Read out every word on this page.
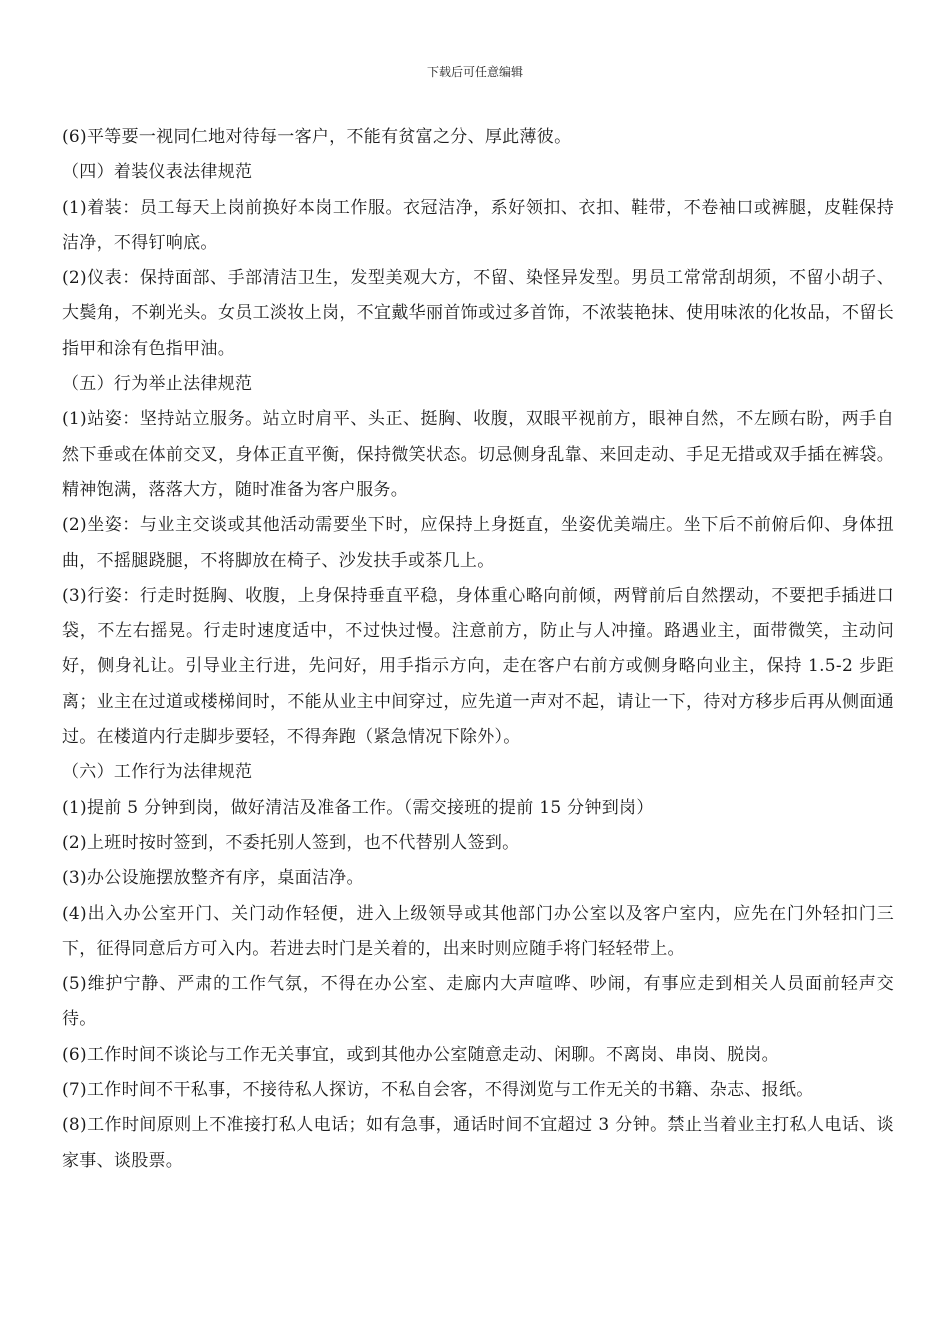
下载后可任意编辑

(6)平等要一视同仁地对待每一客户，不能有贫富之分、厚此薄彼。

（四）着装仪表法律规范

(1)着装：员工每天上岗前换好本岗工作服。衣冠洁净，系好领扣、衣扣、鞋带，不卷袖口或裤腿，皮鞋保持洁净，不得钉响底。

(2)仪表：保持面部、手部清洁卫生，发型美观大方，不留、染怪异发型。男员工常常刮胡须，不留小胡子、大鬓角，不剃光头。女员工淡妆上岗，不宜戴华丽首饰或过多首饰，不浓装艳抹、使用味浓的化妆品，不留长指甲和涂有色指甲油。

（五）行为举止法律规范

(1)站姿：坚持站立服务。站立时肩平、头正、挺胸、收腹，双眼平视前方，眼神自然，不左顾右盼，两手自然下垂或在体前交叉，身体正直平衡，保持微笑状态。切忌侧身乱靠、来回走动、手足无措或双手插在裤袋。精神饱满，落落大方，随时准备为客户服务。

(2)坐姿：与业主交谈或其他活动需要坐下时，应保持上身挺直，坐姿优美端庄。坐下后不前俯后仰、身体扭曲，不摇腿跷腿，不将脚放在椅子、沙发扶手或茶几上。

(3)行姿：行走时挺胸、收腹，上身保持垂直平稳，身体重心略向前倾，两臂前后自然摆动，不要把手插进口袋，不左右摇晃。行走时速度适中，不过快过慢。注意前方，防止与人冲撞。路遇业主，面带微笑，主动问好，侧身礼让。引导业主行进，先问好，用手指示方向，走在客户右前方或侧身略向业主，保持 1.5-2 步距离；业主在过道或楼梯间时，不能从业主中间穿过，应先道一声对不起，请让一下，待对方移步后再从侧面通过。在楼道内行走脚步要轻，不得奔跑（紧急情况下除外）。

（六）工作行为法律规范

(1)提前 5 分钟到岗，做好清洁及准备工作。（需交接班的提前 15 分钟到岗）

(2)上班时按时签到，不委托别人签到，也不代替别人签到。

(3)办公设施摆放整齐有序，桌面洁净。

(4)出入办公室开门、关门动作轻便，进入上级领导或其他部门办公室以及客户室内，应先在门外轻扣门三下，征得同意后方可入内。若进去时门是关着的，出来时则应随手将门轻轻带上。

(5)维护宁静、严肃的工作气氛，不得在办公室、走廊内大声喧哗、吵闹，有事应走到相关人员面前轻声交待。

(6)工作时间不谈论与工作无关事宜，或到其他办公室随意走动、闲聊。不离岗、串岗、脱岗。

(7)工作时间不干私事，不接待私人探访，不私自会客，不得浏览与工作无关的书籍、杂志、报纸。

(8)工作时间原则上不准接打私人电话；如有急事，通话时间不宜超过 3 分钟。禁止当着业主打私人电话、谈家事、谈股票。
